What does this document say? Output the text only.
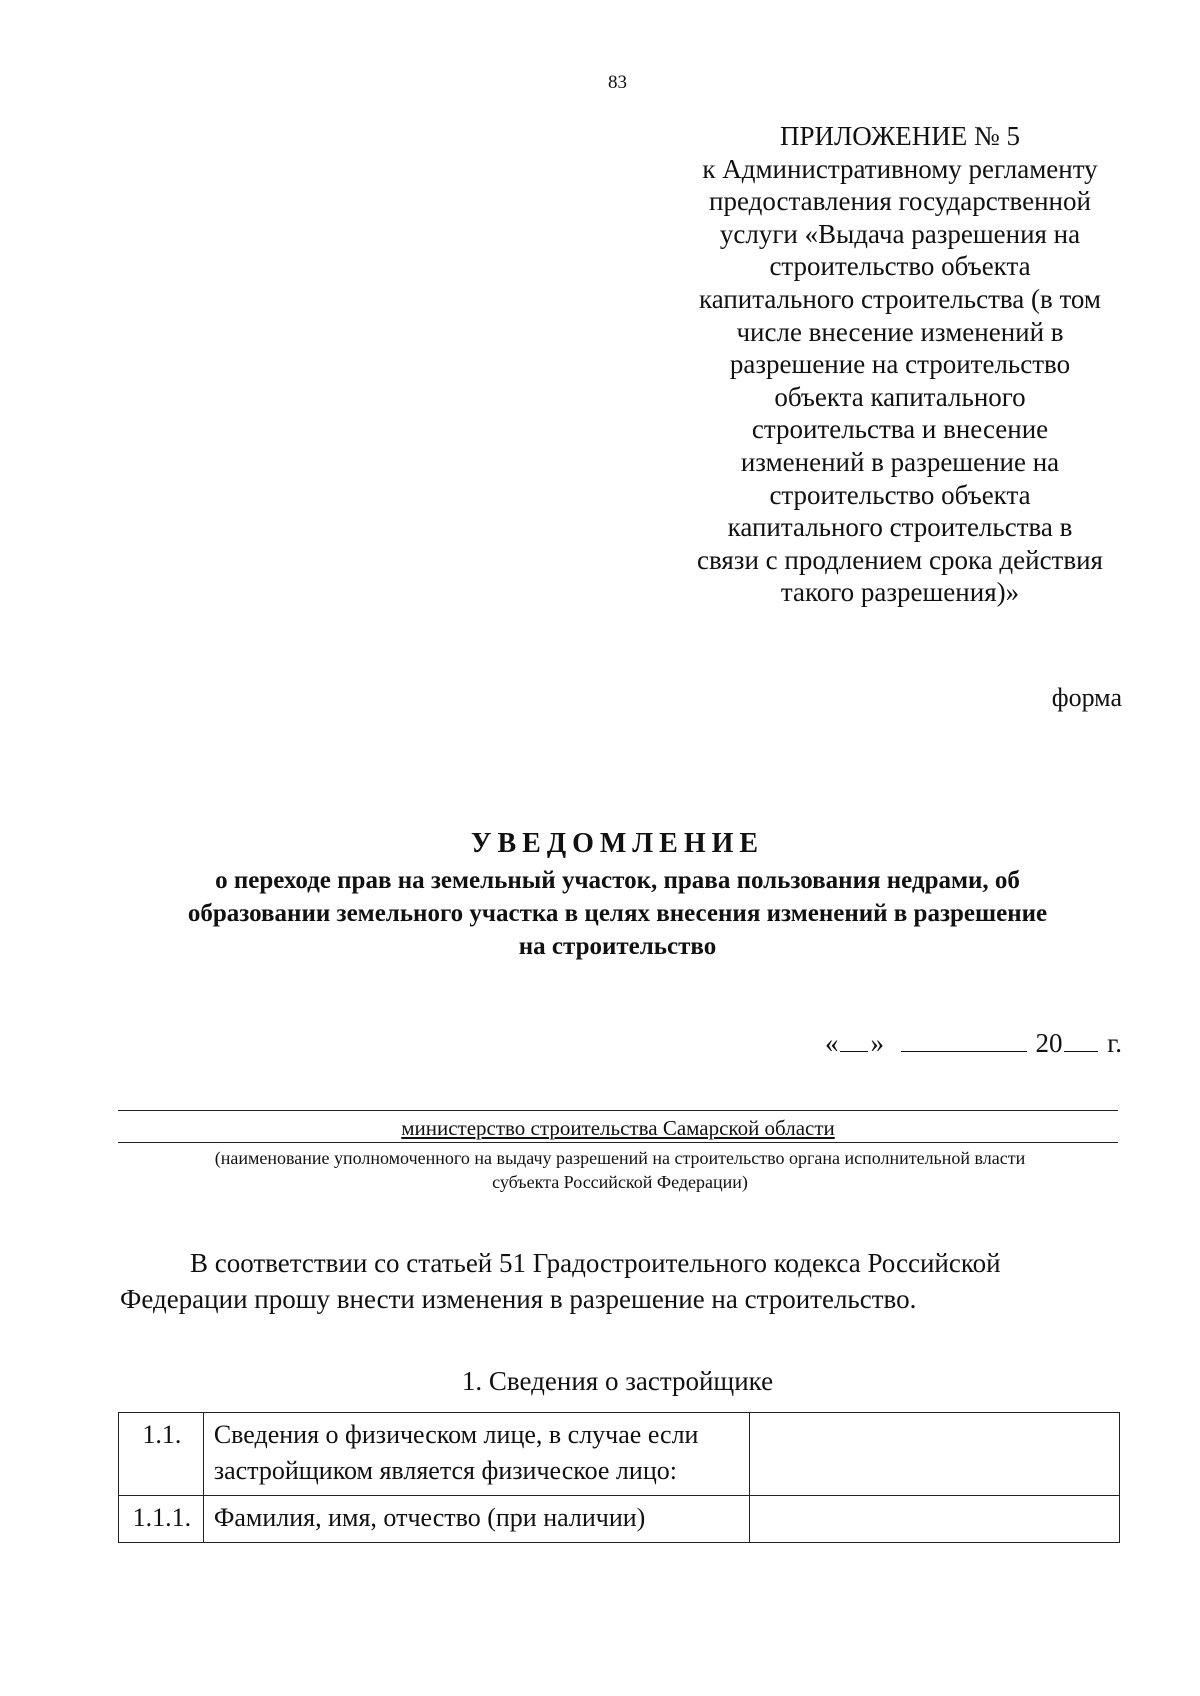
83
ПРИЛОЖЕНИЕ № 5
к Административному регламенту
предоставления государственной
услуги «Выдача разрешения на
строительство объекта
капитального строительства (в том
числе внесение изменений в
разрешение на строительство
объекта капитального
строительства и внесение
изменений в разрешение на
строительство объекта
капитального строительства в
связи с продлением срока действия
такого разрешения)»
форма
УВЕДОМЛЕНИЕ
о переходе прав на земельный участок, права пользования недрами, об
образовании земельного участка в целях внесения изменений в разрешение
на строительство
« »	20 г.
министерство строительства Самарской области
(наименование уполномоченного на выдачу разрешений на строительство органа исполнительной власти
субъекта Российской Федерации)

В соответствии со статьей 51 Градостроительного кодекса Российской Федерации прошу внести изменения в разрешение на строительство.

1. Сведения о застройщике
1.1.	Сведения о физическом лице, в случае если застройщиком является физическое лицо:	
1.1.1.	Фамилия, имя, отчество (при наличии)	
